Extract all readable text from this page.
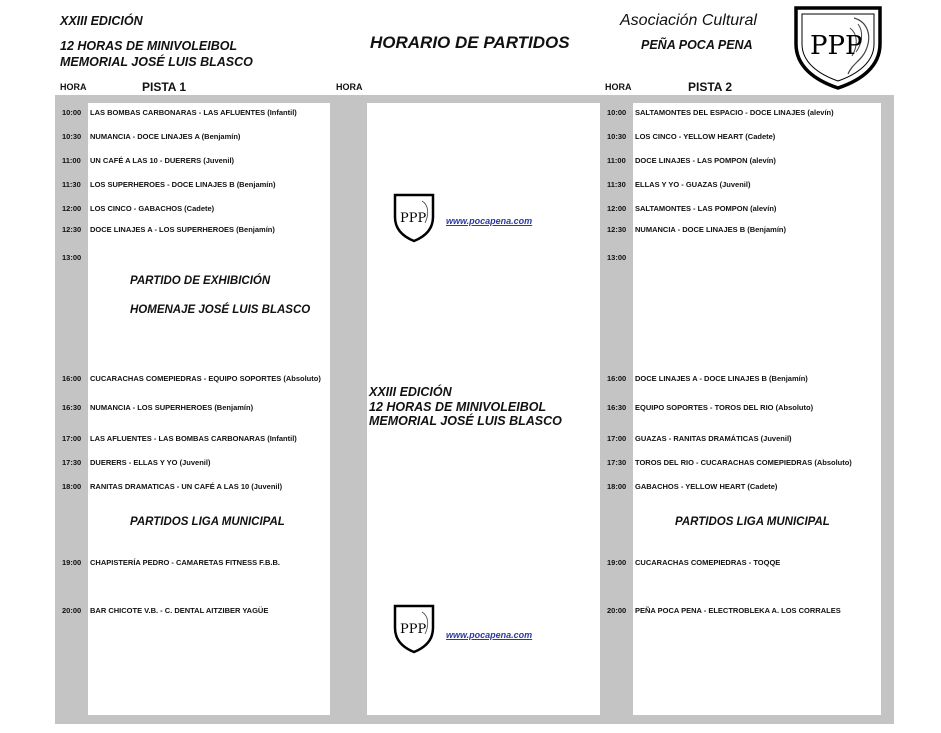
XXIII EDICIÓN
12 HORAS DE MINIVOLEIBOL
MEMORIAL JOSÉ LUIS BLASCO
HORARIO DE PARTIDOS
Asociación Cultural
PEÑA POCA PENA PPP
HORA	PISTA 1	HORA	HORA	PISTA 2
10:00 LAS BOMBAS CARBONARAS - LAS AFLUENTES (Infantil)
10:30 NUMANCIA - DOCE LINAJES A (Benjamín)
11:00 UN CAFÉ A LAS 10 - DUERERS (Juvenil)
11:30 LOS SUPERHEROES - DOCE LINAJES B (Benjamín)
12:00 LOS CINCO - GABACHOS (Cadete)
12:30 DOCE LINAJES A - LOS SUPERHEROES (Benjamín)
13:00
16:00 CUCARACHAS COMEPIEDRAS - EQUIPO SOPORTES (Absoluto)
16:30 NUMANCIA - LOS SUPERHEROES (Benjamín)
17:00 LAS AFLUENTES - LAS BOMBAS CARBONARAS (Infantil)
17:30 DUERERS - ELLAS Y YO (Juvenil)
18:00 RANITAS DRAMATICAS - UN CAFÉ A LAS 10 (Juvenil)
19:00 CHAPISTERÍA PEDRO - CAMARETAS FITNESS F.B.B.
20:00 BAR CHICOTE V.B. - C. DENTAL AITZIBER YAGÜE
PARTIDO DE EXHIBICIÓN
HOMENAJE JOSÉ LUIS BLASCO
PARTIDOS LIGA MUNICIPAL
10:00 SALTAMONTES DEL ESPACIO - DOCE LINAJES (alevín)
10:30 LOS CINCO - YELLOW HEART (Cadete)
11:00 DOCE LINAJES - LAS POMPON (alevín)
11:30 ELLAS Y YO - GUAZAS (Juvenil)
12:00 SALTAMONTES - LAS POMPON (alevín)
12:30 NUMANCIA - DOCE LINAJES B (Benjamín)
13:00
16:00 DOCE LINAJES A - DOCE LINAJES B (Benjamín)
16:30 EQUIPO SOPORTES - TOROS DEL RIO (Absoluto)
17:00 GUAZAS - RANITAS DRAMÁTICAS (Juvenil)
17:30 TOROS DEL RIO - CUCARACHAS COMEPIEDRAS (Absoluto)
18:00 GABACHOS - YELLOW HEART (Cadete)
19:00 CUCARACHAS COMEPIEDRAS - TOQQE
20:00 PEÑA POCA PENA - ELECTROBLEKA A. LOS CORRALES
PARTIDOS LIGA MUNICIPAL
PPP www.pocapena.com
XXIII EDICIÓN
12 HORAS DE MINIVOLEIBOL
MEMORIAL JOSÉ LUIS BLASCO
PPP www.pocapena.com
